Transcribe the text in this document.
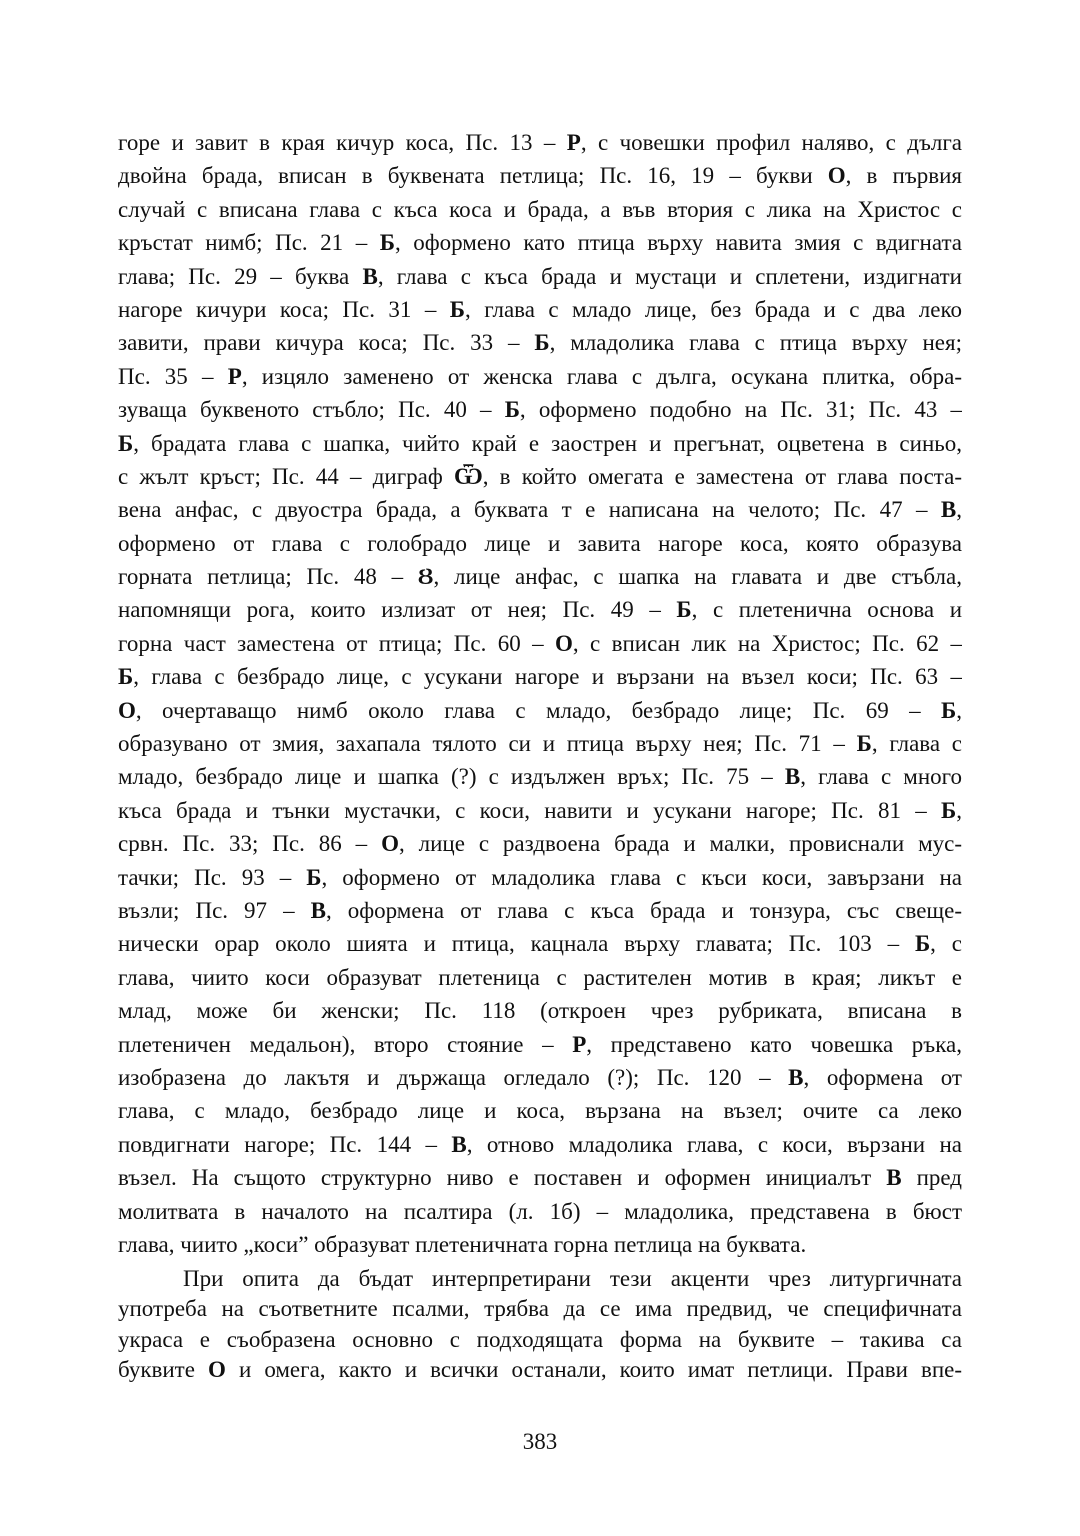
горе и завит в края кичур коса, Пс. 13 – Р, с човешки профил наляво, с дълга
двойна брада, вписан в буквената петлица; Пс. 16, 19 – букви О, в първия
случай с вписана глава с къса коса и брада, а във втория с лика на Христос с
кръстат нимб; Пс. 21 – Б, оформено като птица върху навита змия с вдигната
глава; Пс. 29 – буква В, глава с къса брада и мустаци и сплетени, издигнати
нагоре кичури коса; Пс. 31 – Б, глава с младо лице, без брада и с два леко
завити, прави кичура коса; Пс. 33 – Б, младолика глава с птица върху нея;
Пс. 35 – Р, изцяло заменено от женска глава с дълга, осукана плитка, обра-
зуваща буквеното стъбло; Пс. 40 – Б, оформено подобно на Пс. 31; Пс. 43 –
Б, брадата глава с шапка, чийто край е заострен и прегънат, оцветена в синьо,
с жълт кръст; Пс. 44 – диграф Ѿ, в който омегата е заместена от глава поста-
вена анфас, с двуостра брада, а буквата т е написана на челото; Пс. 47 – В,
оформено от глава с голобрадо лице и завита нагоре коса, която образува
горната петлица; Пс. 48 – Ȣ, лице анфас, с шапка на главата и две стъбла,
напомнящи рога, които излизат от нея; Пс. 49 – Б, с плетенична основа и
горна част заместена от птица; Пс. 60 – О, с вписан лик на Христос; Пс. 62 –
Б, глава с безбрадо лице, с усукани нагоре и вързани на възел коси; Пс. 63 –
О, очертаващо нимб около глава с младо, безбрадо лице; Пс. 69 – Б,
образувано от змия, захапала тялото си и птица върху нея; Пс. 71 – Б, глава с
младо, безбрадо лице и шапка (?) с издължен връх; Пс. 75 – В, глава с много
къса брада и тънки мустачки, с коси, навити и усукани нагоре; Пс. 81 – Б,
срвн. Пс. 33; Пс. 86 – О, лице с раздвоена брада и малки, провиснали мус-
тачки; Пс. 93 – Б, оформено от младолика глава с къси коси, завързани на
възли; Пс. 97 – В, оформена от глава с къса брада и тонзура, със свеще-
нически орар около шията и птица, кацнала върху главата; Пс. 103 – Б, с
глава, чиито коси образуват плетеница с растителен мотив в края; ликът е
млад, може би женски; Пс. 118 (откроен чрез рубриката, вписана в
плетеничен медальон), второ стояние – Р, представено като човешка ръка,
изобразена до лакътя и държаща огледало (?); Пс. 120 – В, оформена от
глава, с младо, безбрадо лице и коса, вързана на възел; очите са леко
повдигнати нагоре; Пс. 144 – В, отново младолика глава, с коси, вързани на
възел. На същото структурно ниво е поставен и оформен инициалът В пред
молитвата в началото на псалтира (л. 1б) – младолика, представена в бюст
глава, чиито „коси” образуват плетеничната горна петлица на буквата.
При опита да бъдат интерпретирани тези акценти чрез литургичната
употреба на съответните псалми, трябва да се има предвид, че специфичната
украса е съобразена основно с подходящата форма на буквите – такива са
буквите О и омега, както и всички останали, които имат петлици. Прави впе-
383
